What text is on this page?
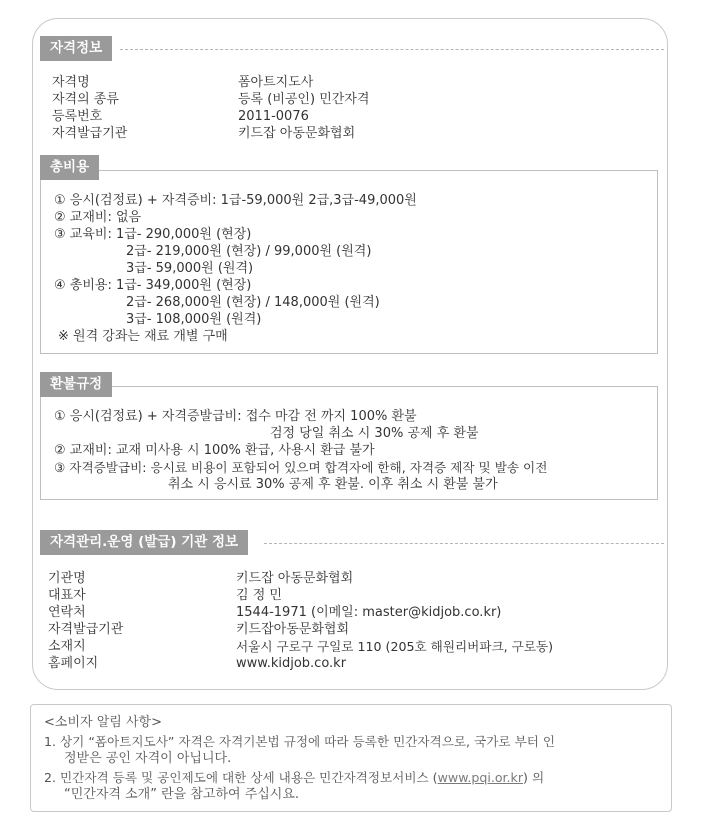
자격정보
자격명	폼아트지도사
자격의 종류	등록 (비공인) 민간자격
등록번호	2011-0076
자격발급기관	키드잡 아동문화협회
총비용
① 응시(검정료) + 자격증비: 1급-59,000원 2급,3급-49,000원
② 교재비: 없음
③ 교육비: 1급- 290,000원 (현장)
2급- 219,000원 (현장) / 99,000원 (원격)
3급- 59,000원 (원격)
④ 총비용: 1급- 349,000원 (현장)
2급- 268,000원 (현장) / 148,000원 (원격)
3급- 108,000원 (원격)
※ 원격 강좌는 재료 개별 구매
환불규정
① 응시(검정료) + 자격증발급비: 접수 마감 전 까지 100% 환불
검정 당일 취소 시 30% 공제 후 환불
② 교재비: 교재 미사용 시 100% 환급, 사용시 환급 불가
③ 자격증발급비: 응시료 비용이 포함되어 있으며 합격자에 한해, 자격증 제작 및 발송 이전
취소 시 응시료 30% 공제 후 환불. 이후 취소 시 환불 불가
자격관리.운영 (발급) 기관 정보
기관명	키드잡 아동문화협회
대표자	김 정 민
연락처	1544-1971 (이메일: master@kidjob.co.kr)
자격발급기관	키드잡아동문화협회
소재지	서울시 구로구 구일로 110 (205호 해원리버파크, 구로동)
홈페이지	www.kidjob.co.kr
<소비자 알림 사항>
1. 상기 “폼아트지도사” 자격은 자격기본법 규정에 따라 등록한 민간자격으로, 국가로 부터 인
정받은 공인 자격이 아닙니다.
2. 민간자격 등록 및 공인제도에 대한 상세 내용은 민간자격정보서비스 (www.pqi.or.kr) 의
“민간자격 소개” 란을 참고하여 주십시요.
